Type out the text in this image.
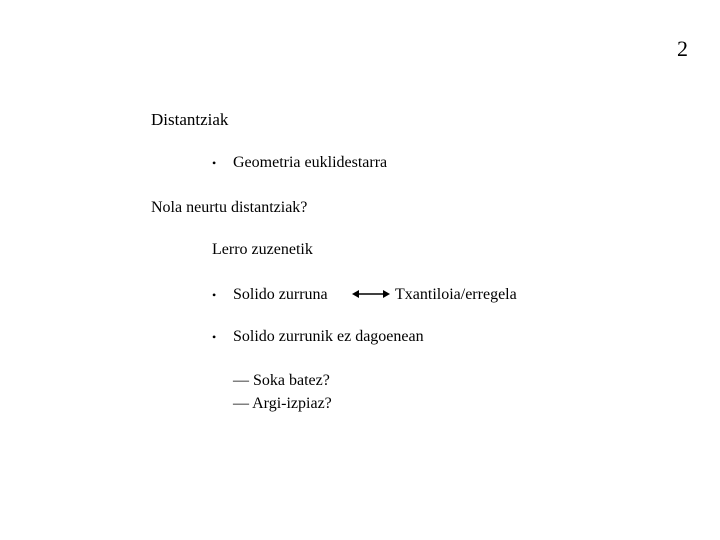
2
Distantziak
• Geometria euklidestarra
Nola neurtu distantziak?
Lerro zuzenetik
• Solido zurruna	Txantiloia/erregela
• Solido zurrunik ez dagoenean
— Soka batez?
— Argi-izpiaz?
